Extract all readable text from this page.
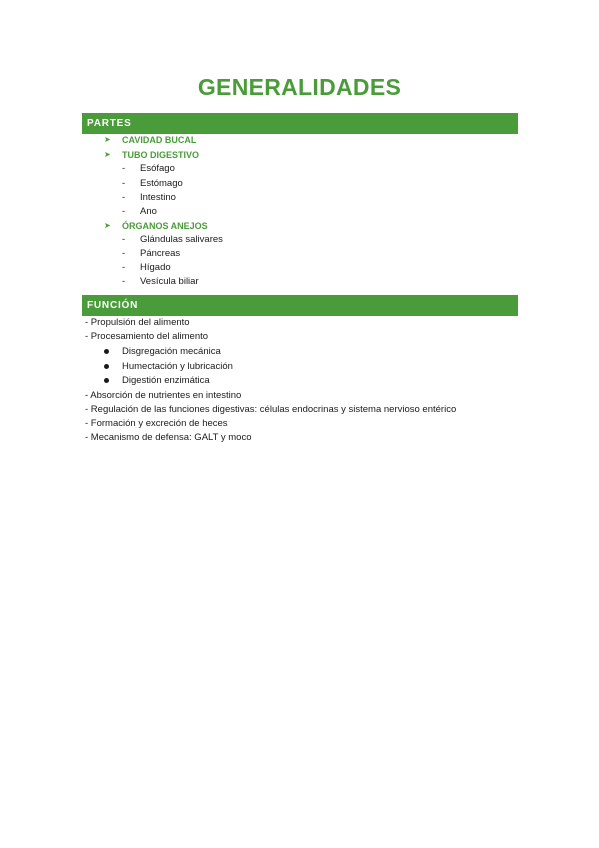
GENERALIDADES
PARTES
➤ CAVIDAD BUCAL
➤ TUBO DIGESTIVO
- Esófago
- Estómago
- Intestino
- Ano
➤ ÓRGANOS ANEJOS
- Glándulas salivares
- Páncreas
- Hígado
- Vesícula biliar
FUNCIÓN
- Propulsión del alimento
- Procesamiento del alimento
Disgregación mecánica
Humectación y lubricación
Digestión enzimática
- Absorción de nutrientes en intestino
- Regulación de las funciones digestivas: células endocrinas y sistema nervioso entérico
- Formación y excreción de heces
- Mecanismo de defensa: GALT y moco
